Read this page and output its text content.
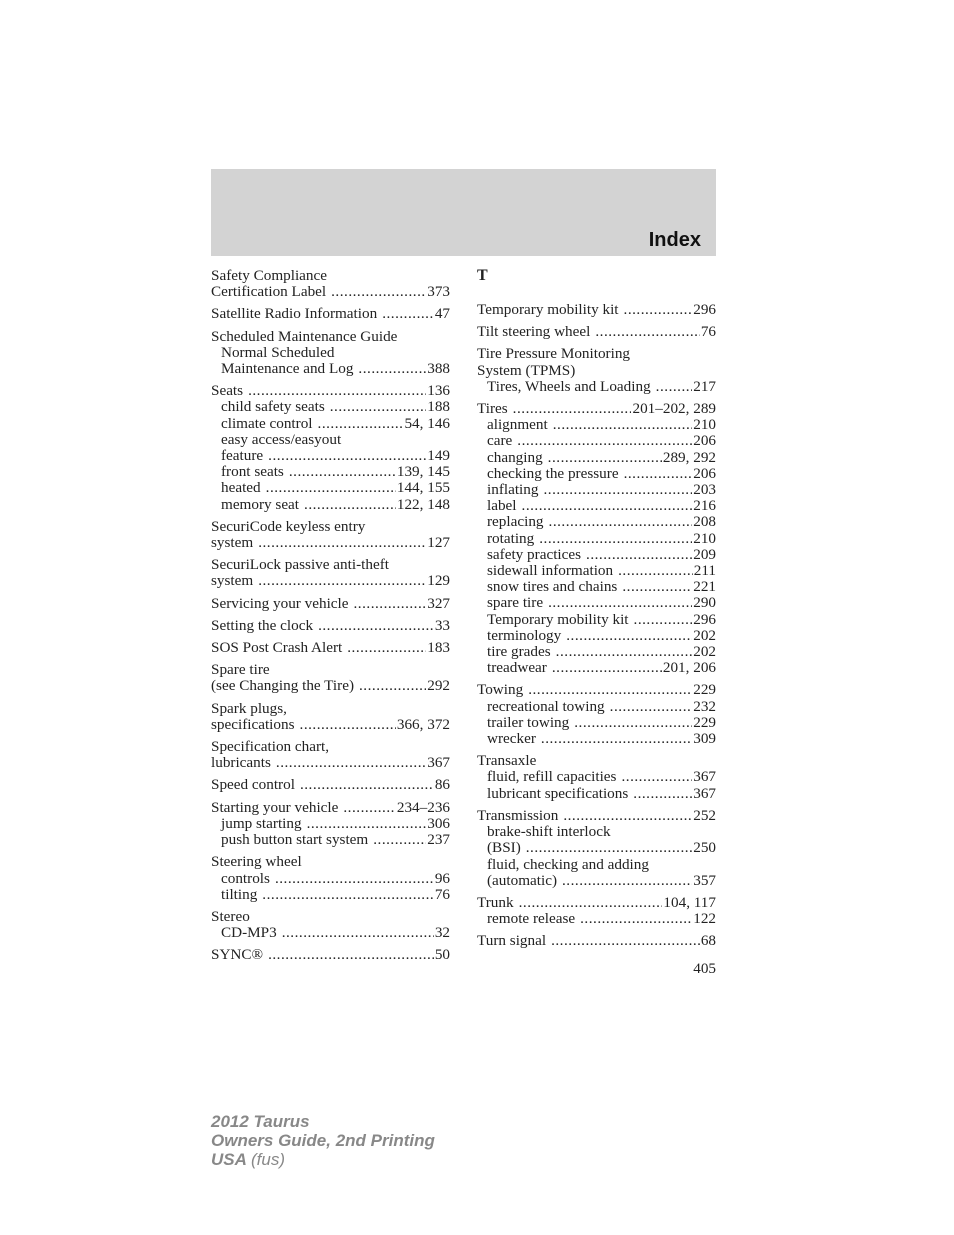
Index
Safety Compliance
Certification Label .....	373
Satellite Radio Information .....	47
Scheduled Maintenance Guide
Normal Scheduled
Maintenance and Log .....	388
Seats .....	136
child safety seats .....	188
climate control .....	54, 146
easy access/easyout
feature .....	149
front seats .....	139, 145
heated .....	144, 155
memory seat .....	122, 148
SecuriCode keyless entry
system .....	127
SecuriLock passive anti-theft
system .....	129
Servicing your vehicle .....	327
Setting the clock .....	33
SOS Post Crash Alert .....	183
Spare tire
(see Changing the Tire) .....	292
Spark plugs,
specifications .....	366, 372
Specification chart,
lubricants .....	367
Speed control .....	86
Starting your vehicle .....	234–236
jump starting .....	306
push button start system .....	237
Steering wheel
controls .....	96
tilting .....	76
Stereo
CD-MP3 .....	32
SYNC® .....	50
T
Temporary mobility kit .....	296
Tilt steering wheel .....	76
Tire Pressure Monitoring
System (TPMS)
Tires, Wheels and Loading .....	217
Tires .....	201–202, 289
alignment .....	210
care .....	206
changing .....	289, 292
checking the pressure .....	206
inflating .....	203
label .....	216
replacing .....	208
rotating .....	210
safety practices .....	209
sidewall information .....	211
snow tires and chains .....	221
spare tire .....	290
Temporary mobility kit .....	296
terminology .....	202
tire grades .....	202
treadwear .....	201, 206
Towing .....	229
recreational towing .....	232
trailer towing .....	229
wrecker .....	309
Transaxle
fluid, refill capacities .....	367
lubricant specifications .....	367
Transmission .....	252
brake-shift interlock
(BSI) .....	250
fluid, checking and adding
(automatic) .....	357
Trunk .....	104, 117
remote release .....	122
Turn signal .....	68
405
2012 Taurus
Owners Guide, 2nd Printing
USA (fus)
